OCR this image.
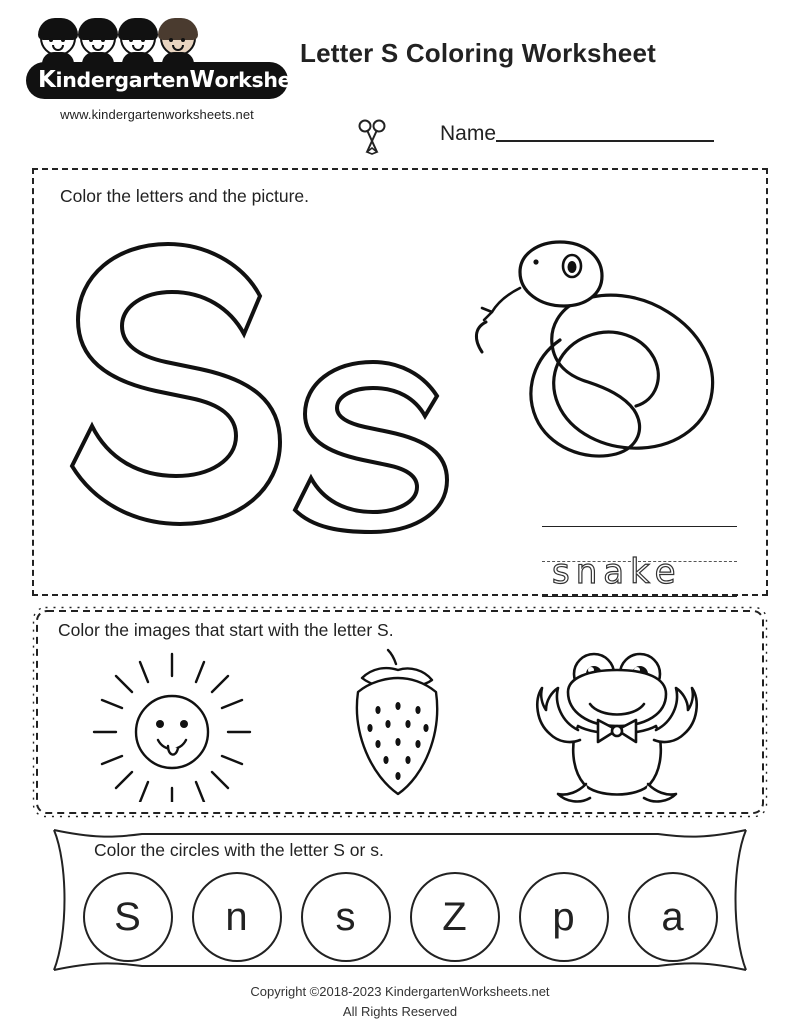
KindergartenWorksheets.net
www.kindergartenworksheets.net
Letter S Coloring Worksheet
Name
Color the letters and the picture.
snake
Color the images that start with the letter S.
Color the circles with the letter S or s.
S	n	s	Z	p	a
Copyright ©2018-2023 KindergartenWorksheets.net
All Rights Reserved
